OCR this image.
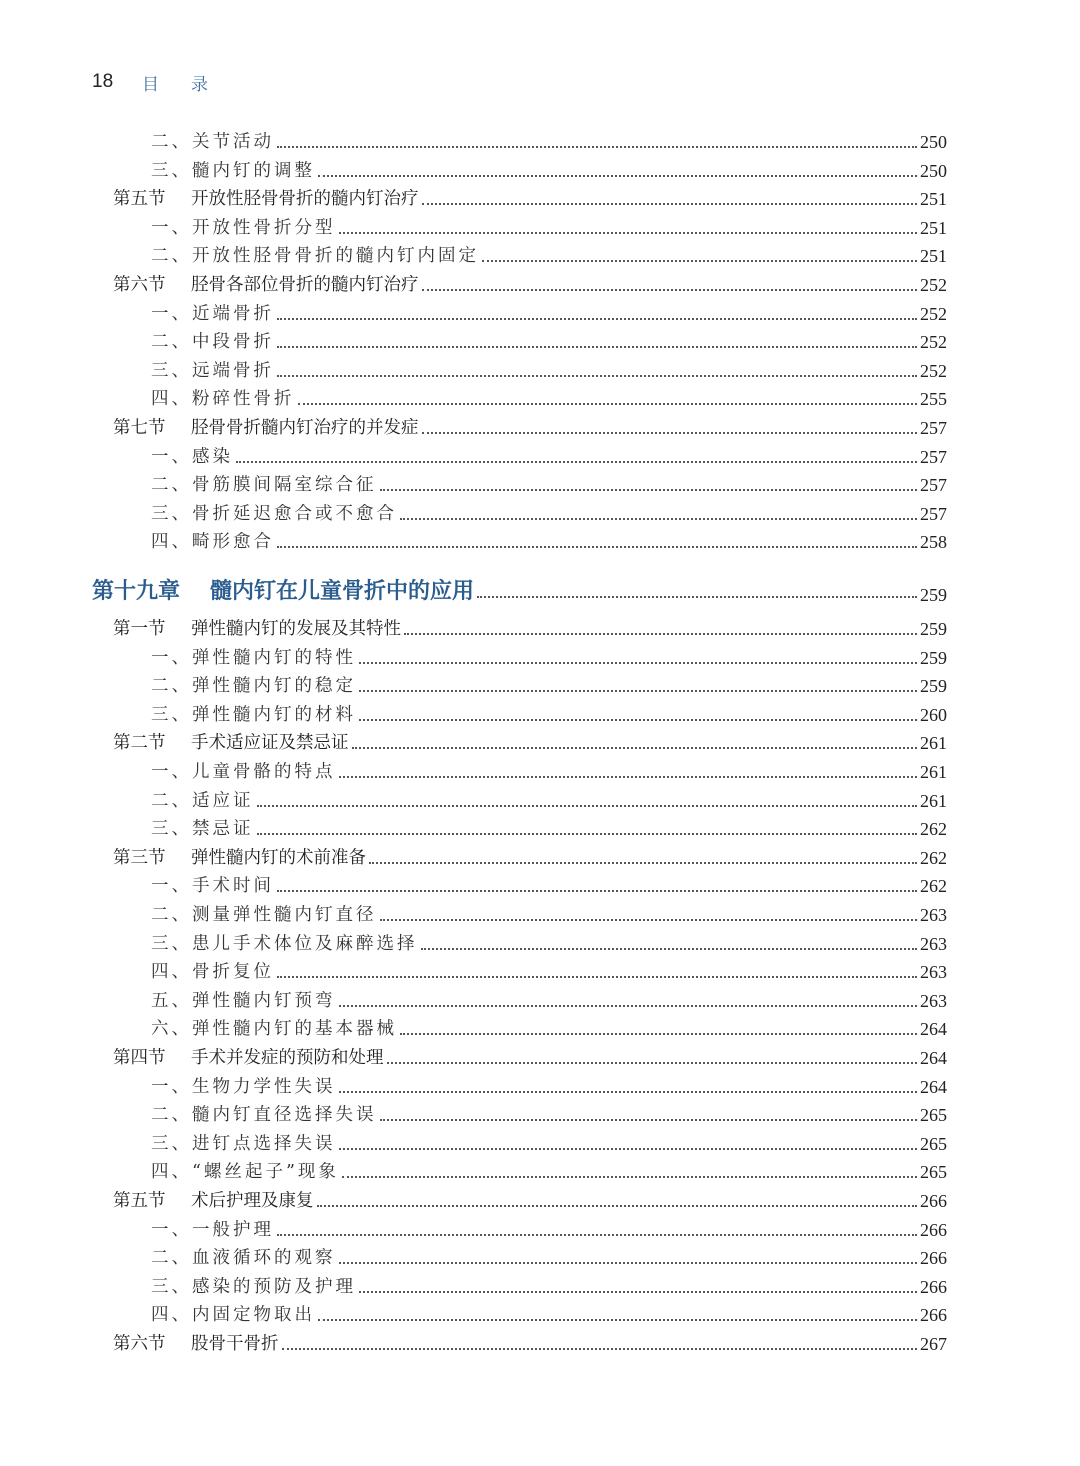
18	目录
二、关节活动	250
三、髓内钉的调整	250
第五节 开放性胫骨骨折的髓内钉治疗	251
一、开放性骨折分型	251
二、开放性胫骨骨折的髓内钉内固定	251
第六节 胫骨各部位骨折的髓内钉治疗	252
一、近端骨折	252
二、中段骨折	252
三、远端骨折	252
四、粉碎性骨折	255
第七节 胫骨骨折髓内钉治疗的并发症	257
一、感染	257
二、骨筋膜间隔室综合征	257
三、骨折延迟愈合或不愈合	257
四、畸形愈合	258
第十九章 髓内钉在儿童骨折中的应用	259
第一节 弹性髓内钉的发展及其特性	259
一、弹性髓内钉的特性	259
二、弹性髓内钉的稳定	259
三、弹性髓内钉的材料	260
第二节 手术适应证及禁忌证	261
一、儿童骨骼的特点	261
二、适应证	261
三、禁忌证	262
第三节 弹性髓内钉的术前准备	262
一、手术时间	262
二、测量弹性髓内钉直径	263
三、患儿手术体位及麻醉选择	263
四、骨折复位	263
五、弹性髓内钉预弯	263
六、弹性髓内钉的基本器械	264
第四节 手术并发症的预防和处理	264
一、生物力学性失误	264
二、髓内钉直径选择失误	265
三、进钉点选择失误	265
四、“螺丝起子”现象	265
第五节 术后护理及康复	266
一、一般护理	266
二、血液循环的观察	266
三、感染的预防及护理	266
四、内固定物取出	266
第六节 股骨干骨折	267
